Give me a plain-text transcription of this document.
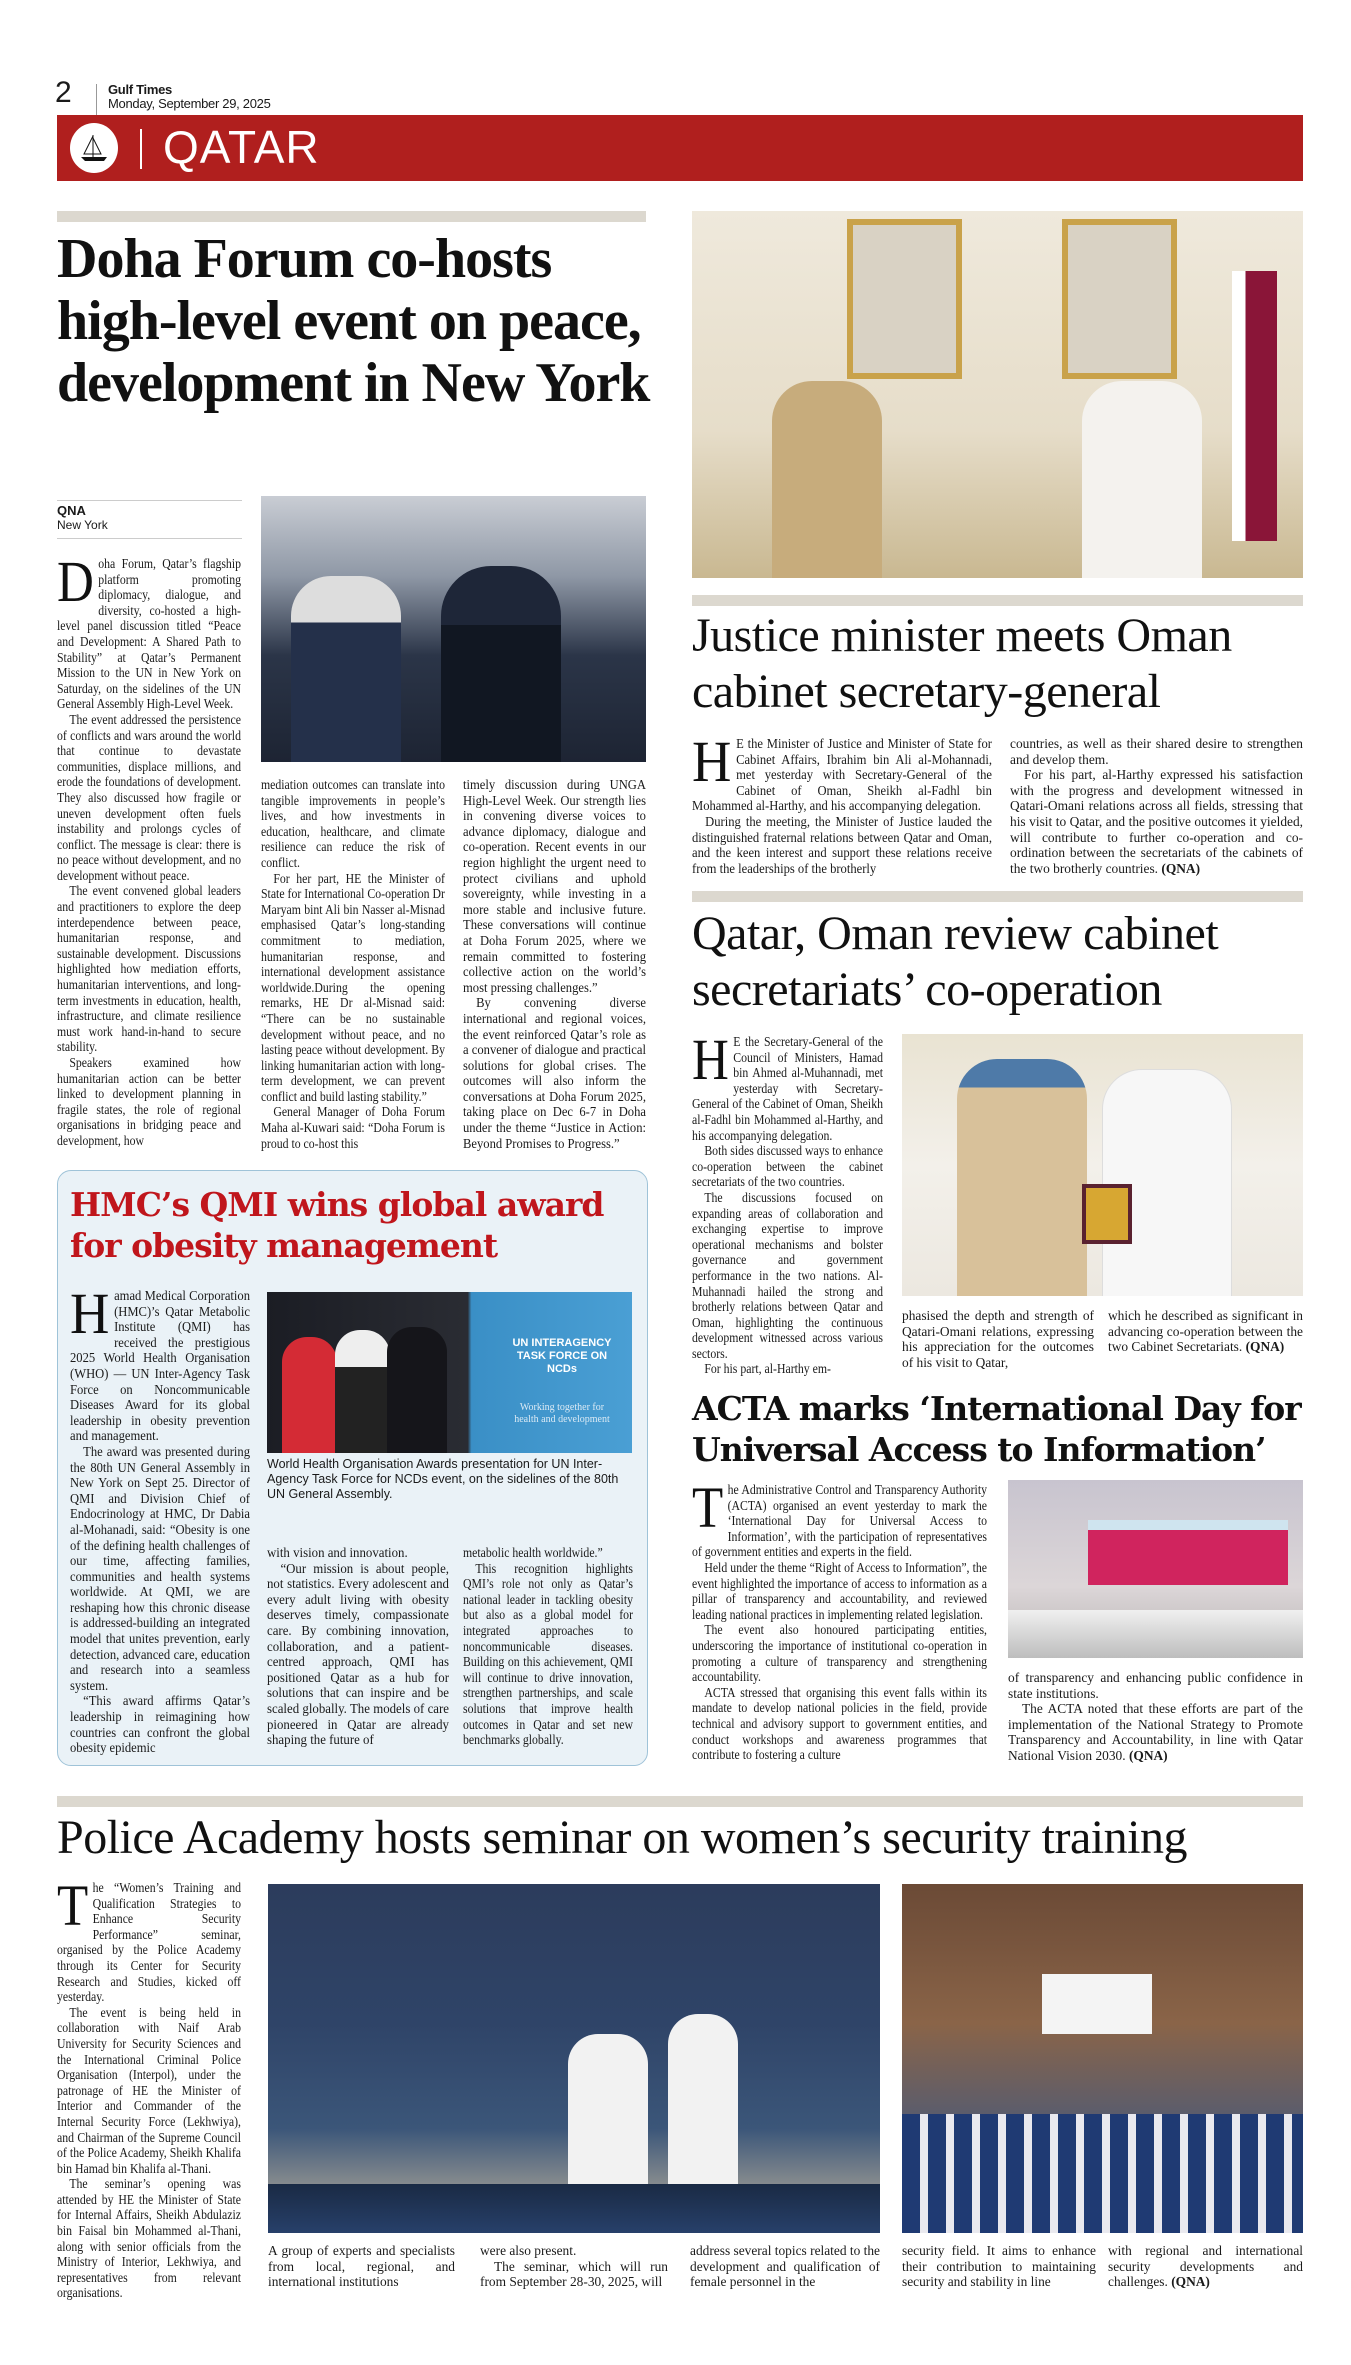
2	Gulf Times
Monday, September 29, 2025
QATAR
Doha Forum co-hosts high-level event on peace, development in New York
QNA
New York

Doha Forum, Qatar’s flagship platform promoting diplomacy, dialogue, and diversity, co-hosted a high-level panel discussion titled “Peace and Development: A Shared Path to Stability” at Qatar’s Permanent Mission to the UN in New York on Saturday, on the sidelines of the UN General Assembly High-Level Week.

The event addressed the persistence of conflicts and wars around the world that continue to devastate communities, displace millions, and erode the foundations of development. They also discussed how fragile or uneven development often fuels instability and prolongs cycles of conflict. The message is clear: there is no peace without development, and no development without peace.

The event convened global leaders and practitioners to explore the deep interdependence between peace, humanitarian response, and sustainable development. Discussions highlighted how mediation efforts, humanitarian interventions, and long-term investments in education, health, infrastructure, and climate resilience must work hand-in-hand to secure stability.

Speakers examined how humanitarian action can be better linked to development planning in fragile states, the role of regional organisations in bridging peace and development, how

mediation outcomes can translate into tangible improvements in people’s lives, and how investments in education, healthcare, and climate resilience can reduce the risk of conflict.

For her part, HE the Minister of State for International Co-operation Dr Maryam bint Ali bin Nasser al-Misnad emphasised Qatar’s long-standing commitment to mediation, humanitarian response, and international development assistance worldwide.During the opening remarks, HE Dr al-Misnad said: “There can be no sustainable development without peace, and no lasting peace without development. By linking humanitarian action with long-term development, we can prevent conflict and build lasting stability.”

General Manager of Doha Forum Maha al-Kuwari said: “Doha Forum is proud to co-host this

timely discussion during UNGA High-Level Week. Our strength lies in convening diverse voices to advance diplomacy, dialogue and co-operation. Recent events in our region highlight the urgent need to protect civilians and uphold sovereignty, while investing in a more stable and inclusive future. These conversations will continue at Doha Forum 2025, where we remain committed to fostering collective action on the world’s most pressing challenges.”

By convening diverse international and regional voices, the event reinforced Qatar’s role as a convener of dialogue and practical solutions for global crises. The outcomes will also inform the conversations at Doha Forum 2025, taking place on Dec 6-7 in Doha under the theme “Justice in Action: Beyond Promises to Progress.”

HMC’s QMI wins global award for obesity management

Hamad Medical Corporation (HMC)’s Qatar Metabolic Institute (QMI) has received the prestigious 2025 World Health Organisation (WHO) — UN Inter-Agency Task Force on Noncommunicable Diseases Award for its global leadership in obesity prevention and management.

The award was presented during the 80th UN General Assembly in New York on Sept 25. Director of QMI and Division Chief of Endocrinology at HMC, Dr Dabia al-Mohanadi, said: “Obesity is one of the defining health challenges of our time, affecting families, communities and health systems worldwide. At QMI, we are reshaping how this chronic disease is addressed-building an integrated model that unites prevention, early detection, advanced care, education and research into a seamless system.

“This award affirms Qatar’s leadership in reimagining how countries can confront the global obesity epidemic

UN INTERAGENCY TASK FORCE ON NCDs
Working together for health and development
World Health Organisation Awards presentation for UN Inter-Agency Task Force for NCDs event, on the sidelines of the 80th UN General Assembly.

with vision and innovation.

“Our mission is about people, not statistics. Every adolescent and every adult living with obesity deserves timely, compassionate care. By combining innovation, collaboration, and a patient-centred approach, QMI has positioned Qatar as a hub for solutions that can inspire and be scaled globally. The models of care pioneered in Qatar are already shaping the future of

metabolic health worldwide.”

This recognition highlights QMI’s role not only as Qatar’s national leader in tackling obesity but also as a global model for integrated approaches to noncommunicable diseases. Building on this achievement, QMI will continue to drive innovation, strengthen partnerships, and scale solutions that improve health outcomes in Qatar and set new benchmarks globally.

Justice minister meets Oman cabinet secretary-general

H E the Minister of Justice and Minister of State for Cabinet Affairs, Ibrahim bin Ali al-Mohannadi, met yesterday with Secretary-General of the Cabinet of Oman, Sheikh al-Fadhl bin Mohammed al-Harthy, and his accompanying delegation.

During the meeting, the Minister of Justice lauded the distinguished fraternal relations between Qatar and Oman, and the keen interest and support these relations receive from the leaderships of the brotherly

countries, as well as their shared desire to strengthen and develop them.

For his part, al-Harthy expressed his satisfaction with the progress and development witnessed in Qatari-Omani relations across all fields, stressing that his visit to Qatar, and the positive outcomes it yielded, will contribute to further co-operation and co-ordination between the secretariats of the cabinets of the two brotherly countries. (QNA)

Qatar, Oman review cabinet secretariats’ co-operation

H E the Secretary-General of the Council of Ministers, Hamad bin Ahmed al-Muhannadi, met yesterday with Secretary-General of the Cabinet of Oman, Sheikh al-Fadhl bin Mohammed al-Harthy, and his accompanying delegation.

Both sides discussed ways to enhance co-operation between the cabinet secretariats of the two countries.

The discussions focused on expanding areas of collaboration and exchanging expertise to improve operational mechanisms and bolster governance and government performance in the two nations. Al-Muhannadi hailed the strong and brotherly relations between Qatar and Oman, highlighting the continuous development witnessed across various sectors.

For his part, al-Harthy em-

phasised the depth and strength of Qatari-Omani relations, expressing his appreciation for the outcomes of his visit to Qatar,

which he described as significant in advancing co-operation between the two Cabinet Secretariats. (QNA)

ACTA marks ‘International Day for Universal Access to Information’

The Administrative Control and Transparency Authority (ACTA) organised an event yesterday to mark the ‘International Day for Universal Access to Information’, with the participation of representatives of government entities and experts in the field.

Held under the theme “Right of Access to Information”, the event highlighted the importance of access to information as a pillar of transparency and accountability, and reviewed leading national practices in implementing related legislation.

The event also honoured participating entities, underscoring the importance of institutional co-operation in promoting a culture of transparency and strengthening accountability.

ACTA stressed that organising this event falls within its mandate to develop national policies in the field, provide technical and advisory support to government entities, and conduct workshops and awareness programmes that contribute to fostering a culture

of transparency and enhancing public confidence in state institutions.

The ACTA noted that these efforts are part of the implementation of the National Strategy to Promote Transparency and Accountability, in line with Qatar National Vision 2030. (QNA)

Police Academy hosts seminar on women’s security training

The “Women’s Training and Qualification Strategies to Enhance Security Performance” seminar, organised by the Police Academy through its Center for Security Research and Studies, kicked off yesterday.

The event is being held in collaboration with Naif Arab University for Security Sciences and the International Criminal Police Organisation (Interpol), under the patronage of HE the Minister of Interior and Commander of the Internal Security Force (Lekhwiya), and Chairman of the Supreme Council of the Police Academy, Sheikh Khalifa bin Hamad bin Khalifa al-Thani.

The seminar’s opening was attended by HE the Minister of State for Internal Affairs, Sheikh Abdulaziz bin Faisal bin Mohammed al-Thani, along with senior officials from the Ministry of Interior, Lekhwiya, and representatives from relevant organisations.

A group of experts and specialists from local, regional, and international institutions

were also present.

The seminar, which will run from September 28-30, 2025, will

address several topics related to the development and qualification of female personnel in the

security field. It aims to enhance their contribution to maintaining security and stability in line

with regional and international security developments and challenges. (QNA)
